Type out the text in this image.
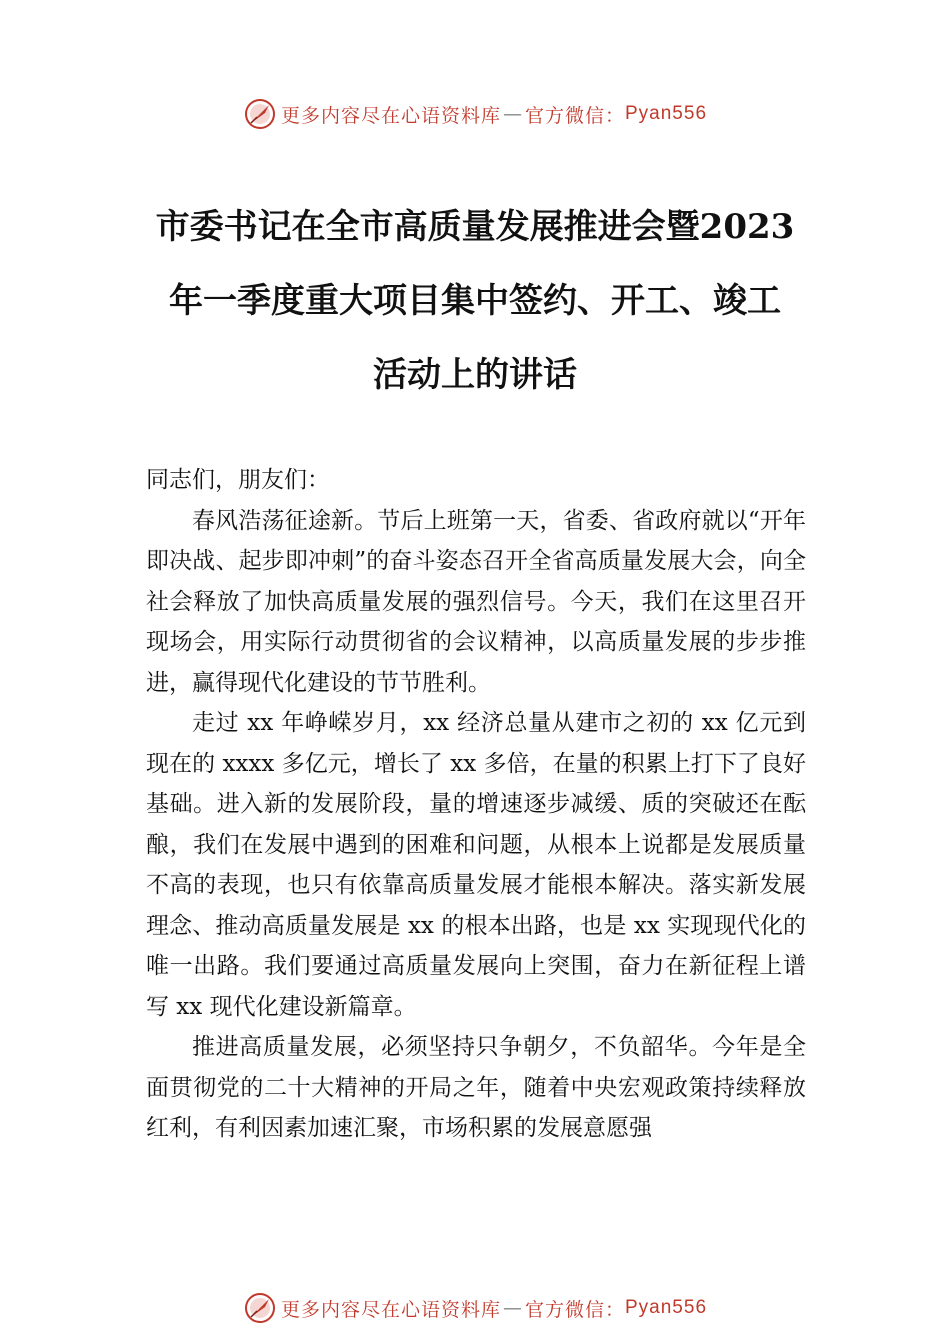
更多内容尽在心语资料库 — 官方微信： Pyan556
市委书记在全市高质量发展推进会暨2023
年一季度重大项目集中签约、开工、竣工
活动上的讲话

同志们，朋友们：

春风浩荡征途新。节后上班第一天，省委、省政府就以“开年即决战、起步即冲刺”的奋斗姿态召开全省高质量发展大会，向全社会释放了加快高质量发展的强烈信号。今天，我们在这里召开现场会，用实际行动贯彻省的会议精神，以高质量发展的步步推进，赢得现代化建设的节节胜利。

走过 xx 年峥嵘岁月，xx 经济总量从建市之初的 xx 亿元到现在的 xxxx 多亿元，增长了 xx 多倍，在量的积累上打下了良好基础。进入新的发展阶段，量的增速逐步减缓、质的突破还在酝酿，我们在发展中遇到的困难和问题，从根本上说都是发展质量不高的表现，也只有依靠高质量发展才能根本解决。落实新发展理念、推动高质量发展是 xx 的根本出路，也是 xx 实现现代化的唯一出路。我们要通过高质量发展向上突围，奋力在新征程上谱写 xx 现代化建设新篇章。

推进高质量发展，必须坚持只争朝夕，不负韶华。今年是全面贯彻党的二十大精神的开局之年，随着中央宏观政策持续释放红利，有利因素加速汇聚，市场积累的发展意愿强

更多内容尽在心语资料库 — 官方微信： Pyan556
